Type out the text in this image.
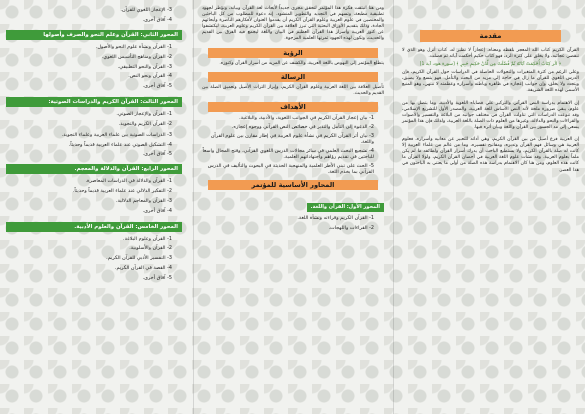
3- الإعجاز اللغوي للقرآن.
4- آفاق أخرى.
المحور الثاني: القرآن وعلم النحو والصرف وأصولها
1- القرآن ونشأة علوم النحو والأصول.
2- القرآن ومناهج التأسيس اللغوي.
3- القرآن والنحو التطبيقي.
4- القرآن ونحو النص.
5- آفاق أخرى.
المحور الثالث: القرآن الكريم والدراسات الصوتية:
1- القرآن والإعجاز الصوتي.
2- القرآن الكريم والتجويد.
3- الدراسات الصوتية بين علماء العربية وعلماء التجويد.
4- التشكيل الصوتي عند علماء العربية قديماً وحديثاً.
5- آفاق أخرى.
المحور الرابع: القرآن والدلالة والمعجم.
1- القرآن والدلالة في الدراسات المعاصرة.
2- التفكير الدلالي عند علماء العربية قديماً وحديثاً.
3- القرآن والمعاجم الدلالية.
4- آفاق أخرى.
المحور الخامس: القرآن والعلوم الأدبية.
1- القرآن وعلوم البلاغة.
2- القرآن والأسلوبية.
3- التفسير الأدبي للقرآن الكريم.
4- القصة في القرآن الكريم.
5- آفاق أخرى.

ومن هنا انبثقت فكرة هذا المؤتمر لتحقق مجرى جديداً لأبحاث لغة القرآن وبيانه، وتؤطر لجهود تطبيقية مطبعة، وتسهم في التجديد والتطوير المنشود. إنه دعوة للمطلوب من كل الباحثين والمختصين في علوم العربية وعلوم القرآن الكريم أن يقدموا العنوان لأفكارهم الناضرة وأبحاثهم الجادة، وذلك بتقديم الأوراق البحثية التي تبرز العلاقة بين القرآن الكريم وعلوم العربية، ليكتشفوا عن كنوز العربية وأسرار هذا القرآن العظيم في البيان واللغة ليجمع فيه الفرق بين القديم والحديث، وتكون لهذه الجهود ثمرتها العلمية المرجوة.

الرؤية

يتطلع المؤتمر إلى النهوض باللغة العربية، والكشف عن المزيد من أسرار القرآن وكنوزه.

الرسالة

تأصيل العلاقة بين اللغة العربية وعلوم القرآن الكريم، وإبراز التراث الأصيل وتعميق الصلة بين القديم والحديث.

الأهداف
1- بيان إعجاز القرآن الكريم في الجوانب اللغوية، والأدبية، والبلاغية.
2- الدعوة إلى التأمل والتدبر في خصائص النص القرآني ووجوه إعجازه.
3- بيان أثر القرآن الكريم في نشأة علوم العربية في إطار مقارن بين علوم القرآن واللغة.
4- تشجيع البحث العلمي في سائر مجالات الدرس اللغوي القرآني، وفتح المجال واسعاً للباحثين في تقديم رؤاهم واجتهاداتهم العلمية.
5- الحث على تبني الأطر العلمية والمنهجية الحديثة في البحوث والتأليف في الدرس القرآني بما يخدم اللغة.
المحاور الأساسية للمؤتمر
المحور الأول: القرآن واللغة.
1- القرآن الكريم وقراءته ونشأة اللغة.
2- القراءات واللهجات.
مقدمة

القرآن الكريم كتاب الله المعجز بلفظه ومعناه، إعجازاً لا نظير له، كتاب أنزل وهو الذي لا تنقضي عجائبه، ولا يخلق على كثرة الرد، فهو كتاب حكيم أحكمت آياته ثم فصلت.

﴿ الَر كِتَابٌ أُحْكِمَتْ آيَاتُهُ ثُمَّ فُصِّلَتْ مِن لَّدُنْ حَكِيمٍ خَبِيرٍ ﴾ [سورة هود، آية 1]

وعلى الرغم من كثرة المتغيرات والتحولات الحاصلة في الدراسات حول القرآن الكريم، فإن الدرس اللغوي للقرآن ما زال في حاجة إلى مزيد من البحث والتأمل. فهو يتسع ولا يضيق، ويتجدد ولا يخلق، وإن جوانب إعجازه في ظاهره وباطنه وأسراره وعظمته لا تنتهي، وهو المنبع الأسمى لهذه اللغة الشريفة.

إن الاهتمام بدراسة النص القرآني والتركيز على قضاياه اللغوية والأدبية، وما يتصل بها من علوم، يبقى ضرورة ملحة لأنه النص الأساس للغة العربية، والمصدر الأول للتشريع الإسلامي، وقد تنوعت الدراسات التي تناولت القرآن في مختلف جوانبه من البلاغة والتفسير والأصوات والقراءات والنحو والدلالة، وغيرها من العلوم ذات الصلة باللغة العربية، ولذلك فإن هذا المؤتمر يسعى إلى مد الجسور بين القرآن واللغة وبيان أثره فيها.

إن العربية فرع أصيل من بين القرآن الكريم، وهي أداته للتعبير عن معانيه وأسراره، فعلوم العربية هي وسائل فهم القرآن وتدبره، ومفاتيح تفسيره، وما من عالم من علماء العربية إلا كانت له صلة بالقرآن الكريم، ولا يستطيع الباحث أن يدرك أسرار القرآن ولطائفه ما لم يكن ملماً بعلوم العربية. وقد نشأت علوم اللغة العربية في أحضان القرآن الكريم، ولولا القرآن ما كانت هذه العلوم، ومن هنا كان الاهتمام بدراسة هذه الصلة من أولى ما يعتنى به الباحثون في هذا العصر.
